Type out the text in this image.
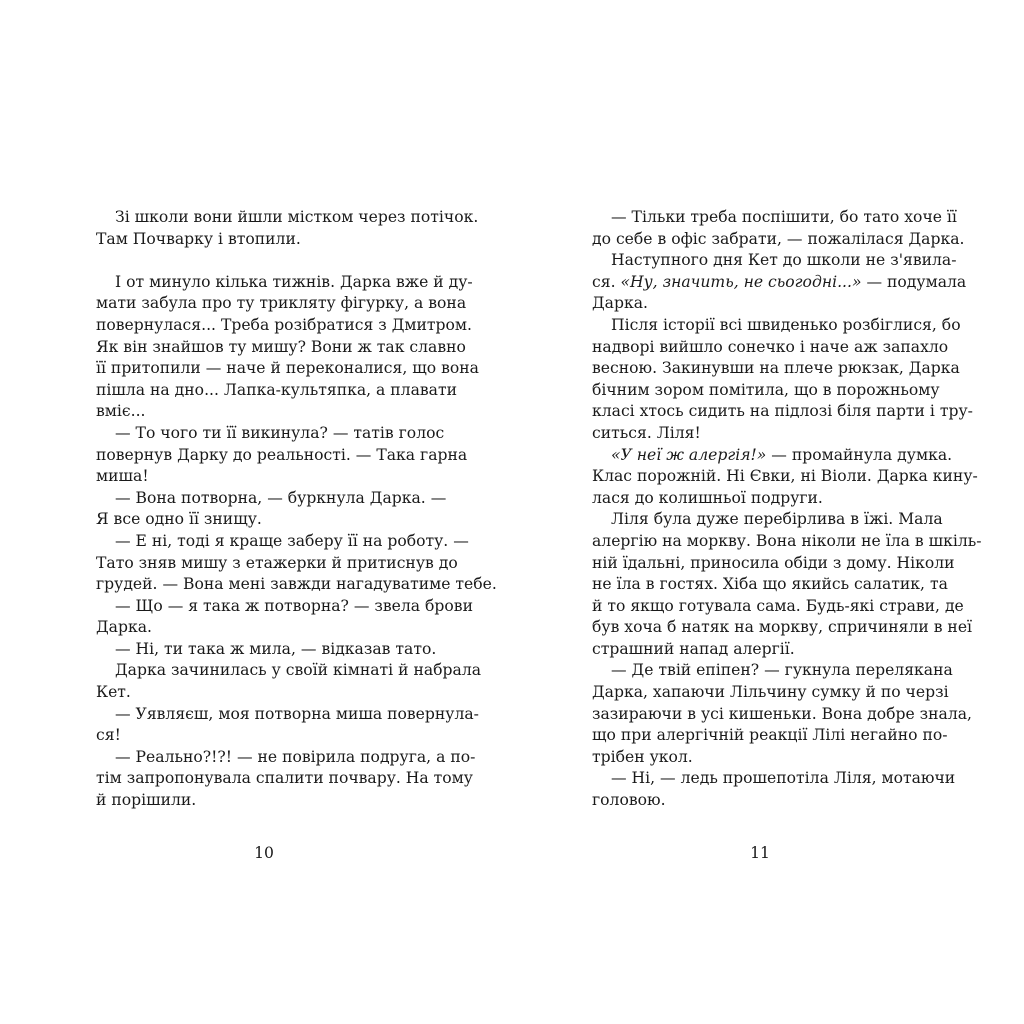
Зі школи вони йшли містком через потічок.
Там Почварку і втопили.
І от минуло кілька тижнів. Дарка вже й ду-
мати забула про ту трикляту фігурку, а вона
повернулася... Треба розібратися з Дмитром.
Як він знайшов ту мишу? Вони ж так славно
її притопили — наче й переконалися, що вона
пішла на дно... Лапка-культяпка, а плавати
вміє...
— То чого ти її викинула? — татів голос
повернув Дарку до реальності. — Така гарна
миша!
— Вона потворна, — буркнула Дарка. —
Я все одно її знищу.
— Е ні, тоді я краще заберу її на роботу. —
Тато зняв мишу з етажерки й притиснув до
грудей. — Вона мені завжди нагадуватиме тебе.
— Що — я така ж потворна? — звела брови
Дарка.
— Ні, ти така ж мила, — відказав тато.
Дарка зачинилась у своїй кімнаті й набрала
Кет.
— Уявляєш, моя потворна миша повернула-
ся!
— Реально?!?! — не повірила подруга, а по-
тім запропонувала спалити почвару. На тому
й порішили.
10
— Тільки треба поспішити, бо тато хоче її
до себе в офіс забрати, — пожалілася Дарка.
Наступного дня Кет до школи не з'явила-
ся. «Ну, значить, не сьогодні...» — подумала
Дарка.
Після історії всі швиденько розбіглися, бо
надворі вийшло сонечко і наче аж запахло
весною. Закинувши на плече рюкзак, Дарка
бічним зором помітила, що в порожньому
класі хтось сидить на підлозі біля парти і тру-
ситься. Ліля!
«У неї ж алергія!» — промайнула думка.
Клас порожній. Ні Євки, ні Віоли. Дарка кину-
лася до колишньої подруги.
Ліля була дуже перебірлива в їжі. Мала
алергію на моркву. Вона ніколи не їла в шкіль-
ній їдальні, приносила обіди з дому. Ніколи
не їла в гостях. Хіба що якийсь салатик, та
й то якщо готувала сама. Будь-які страви, де
був хоча б натяк на моркву, спричиняли в неї
страшний напад алергії.
— Де твій епіпен? — гукнула перелякана
Дарка, хапаючи Лільчину сумку й по черзі
зазираючи в усі кишеньки. Вона добре знала,
що при алергічній реакції Лілі негайно по-
трібен укол.
— Ні, — ледь прошепотіла Ліля, мотаючи
головою.
11
